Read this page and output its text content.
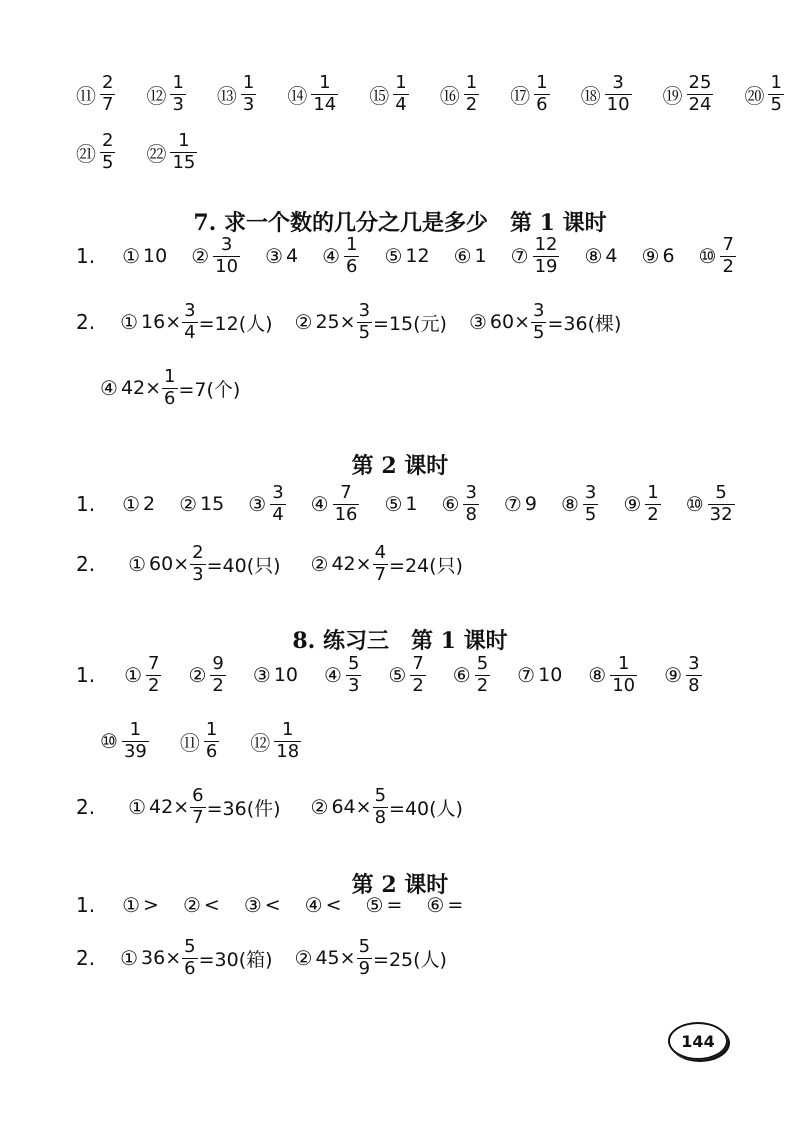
7. 求一个数的几分之几是多少　第 1 课时
第 2 课时
8. 练习三　第 1 课时
第 2 课时
⑪ $\frac{2}{7}$ ⑫ $\frac{1}{3}$ ⑬ $\frac{1}{3}$ ⑭ $\frac{1}{14}$ ⑮ $\frac{1}{4}$ ⑯ $\frac{1}{2}$ ⑰ $\frac{1}{6}$ ⑱ $\frac{3}{10}$ ⑲ $\frac{25}{24}$ ⑳ $\frac{1}{5}$
㉑ $\frac{2}{5}$ ㉒ $\frac{1}{15}$
1. ① 10 ② $\frac{3}{10}$ ③ 4 ④ $\frac{1}{6}$ ⑤ 12 ⑥ 1 ⑦ $\frac{12}{19}$ ⑧ 4 ⑨ 6 ⑩ $\frac{7}{2}$
2. ① $16\times \frac{3}{4} =12$(人) ② $25\times \frac{3}{5} =15$(元) ③ $60\times \frac{3}{5} =36$(棵)
④ $42\times \frac{1}{6} =7$(个)
1. ① 2 ② 15 ③ $\frac{3}{4}$ ④ $\frac{7}{16}$ ⑤ 1 ⑥ $\frac{3}{8}$ ⑦ 9 ⑧ $\frac{3}{5}$ ⑨ $\frac{1}{2}$ ⑩ $\frac{5}{32}$
2. ① $60\times \frac{2}{3} =40$(只) ② $42\times \frac{4}{7} =24$(只)
1. ① $\frac{7}{2}$ ② $\frac{9}{2}$ ③ 10 ④ $\frac{5}{3}$ ⑤ $\frac{7}{2}$ ⑥ $\frac{5}{2}$ ⑦ 10 ⑧ $\frac{1}{10}$ ⑨ $\frac{3}{8}$
⑩ $\frac{1}{39}$ ⑪ $\frac{1}{6}$ ⑫ $\frac{1}{18}$
2. ① $42\times \frac{6}{7} =36$(件) ② $64\times \frac{5}{8} =40$(人)
1. ① > ② < ③ < ④ < ⑤ = ⑥ =
2. ① $36\times \frac{5}{6} =30$(箱) ② $45\times \frac{5}{9} =25$(人)
144
